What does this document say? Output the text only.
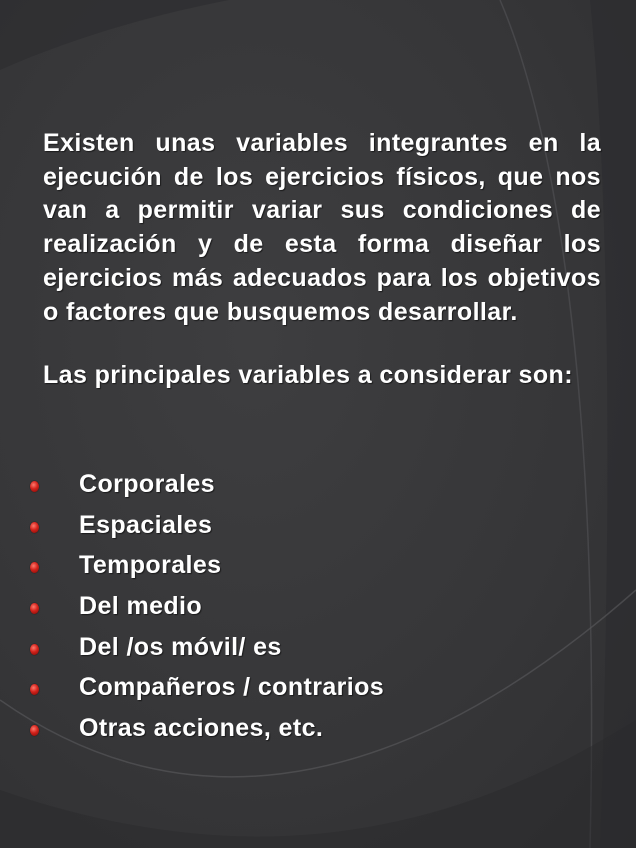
Existen unas variables integrantes en la ejecución de los ejercicios físicos, que nos van a permitir variar sus condiciones de realización y de esta forma diseñar los ejercicios más adecuados para los objetivos o factores que busquemos desarrollar.

Las principales variables a considerar son:

Corporales
Espaciales
Temporales
Del medio
Del /os móvil/ es
Compañeros / contrarios
Otras acciones, etc.
